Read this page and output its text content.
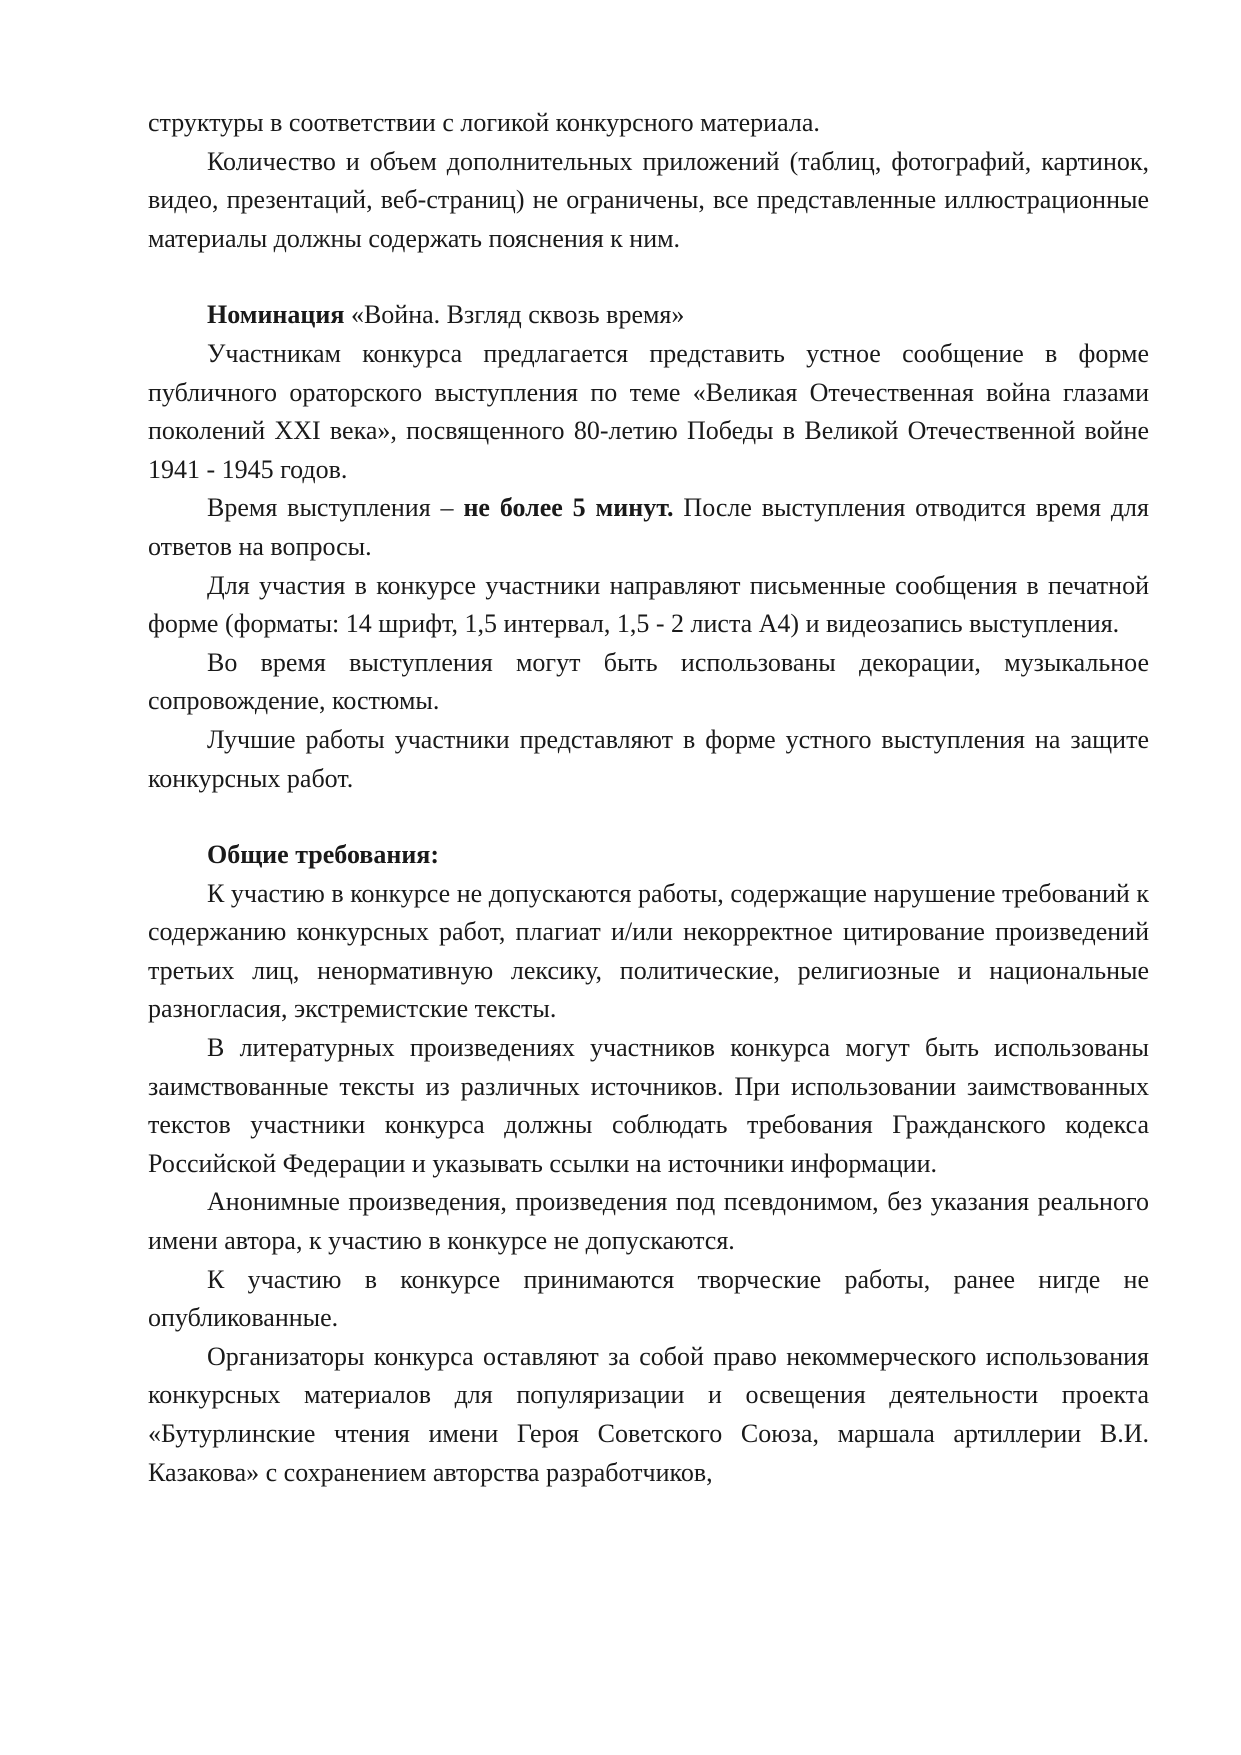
структуры в соответствии с логикой конкурсного материала.

Количество и объем дополнительных приложений (таблиц, фотографий, картинок, видео, презентаций, веб-страниц) не ограничены, все представленные иллюстрационные материалы должны содержать пояснения к ним.

Номинация «Война. Взгляд сквозь время»

Участникам конкурса предлагается представить устное сообщение в форме публичного ораторского выступления по теме «Великая Отечественная война глазами поколений XXI века», посвященного 80-летию Победы в Великой Отечественной войне 1941 - 1945 годов.

Время выступления – не более 5 минут. После выступления отводится время для ответов на вопросы.

Для участия в конкурсе участники направляют письменные сообщения в печатной форме (форматы: 14 шрифт, 1,5 интервал, 1,5 - 2 листа А4) и видеозапись выступления.

Во время выступления могут быть использованы декорации, музыкальное сопровождение, костюмы.

Лучшие работы участники представляют в форме устного выступления на защите конкурсных работ.

Общие требования:

К участию в конкурсе не допускаются работы, содержащие нарушение требований к содержанию конкурсных работ, плагиат и/или некорректное цитирование произведений третьих лиц, ненормативную лексику, политические, религиозные и национальные разногласия, экстремистские тексты.

В литературных произведениях участников конкурса могут быть использованы заимствованные тексты из различных источников. При использовании заимствованных текстов участники конкурса должны соблюдать требования Гражданского кодекса Российской Федерации и указывать ссылки на источники информации.

Анонимные произведения, произведения под псевдонимом, без указания реального имени автора, к участию в конкурсе не допускаются.

К участию в конкурсе принимаются творческие работы, ранее нигде не опубликованные.

Организаторы конкурса оставляют за собой право некоммерческого использования конкурсных материалов для популяризации и освещения деятельности проекта «Бутурлинские чтения имени Героя Советского Союза, маршала артиллерии В.И. Казакова» с сохранением авторства разработчиков,
